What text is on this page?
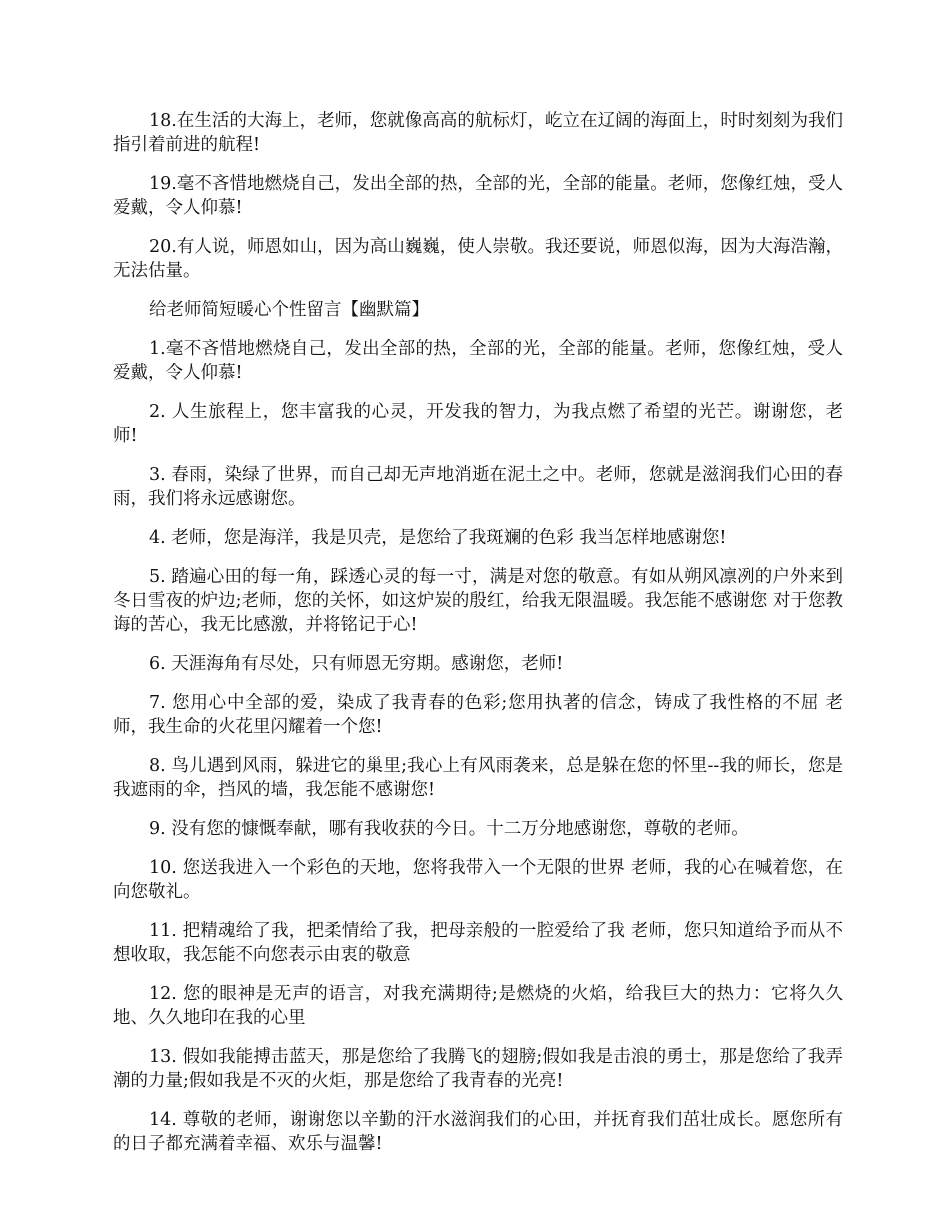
18.在生活的大海上，老师，您就像高高的航标灯，屹立在辽阔的海面上，时时刻刻为我们指引着前进的航程!

19.毫不吝惜地燃烧自己，发出全部的热，全部的光，全部的能量。老师，您像红烛，受人爱戴，令人仰慕!

20.有人说，师恩如山，因为高山巍巍，使人崇敬。我还要说，师恩似海，因为大海浩瀚，无法估量。

给老师简短暖心个性留言【幽默篇】

1.毫不吝惜地燃烧自己，发出全部的热，全部的光，全部的能量。老师，您像红烛，受人爱戴，令人仰慕!

2. 人生旅程上，您丰富我的心灵，开发我的智力，为我点燃了希望的光芒。谢谢您，老师!

3. 春雨，染绿了世界，而自己却无声地消逝在泥土之中。老师，您就是滋润我们心田的春雨，我们将永远感谢您。

4. 老师，您是海洋，我是贝壳，是您给了我斑斓的色彩 我当怎样地感谢您!

5. 踏遍心田的每一角，踩透心灵的每一寸，满是对您的敬意。有如从朔风凛冽的户外来到冬日雪夜的炉边;老师，您的关怀，如这炉炭的殷红，给我无限温暖。我怎能不感谢您 对于您教诲的苦心，我无比感激，并将铭记于心!

6. 天涯海角有尽处，只有师恩无穷期。感谢您，老师!

7. 您用心中全部的爱，染成了我青春的色彩;您用执著的信念，铸成了我性格的不屈 老师，我生命的火花里闪耀着一个您!

8. 鸟儿遇到风雨，躲进它的巢里;我心上有风雨袭来，总是躲在您的怀里--我的师长，您是我遮雨的伞，挡风的墙，我怎能不感谢您!

9. 没有您的慷慨奉献，哪有我收获的今日。十二万分地感谢您，尊敬的老师。

10. 您送我进入一个彩色的天地，您将我带入一个无限的世界 老师，我的心在喊着您，在向您敬礼。

11. 把精魂给了我，把柔情给了我，把母亲般的一腔爱给了我 老师，您只知道给予而从不想收取，我怎能不向您表示由衷的敬意

12. 您的眼神是无声的语言，对我充满期待;是燃烧的火焰，给我巨大的热力：它将久久地、久久地印在我的心里

13. 假如我能搏击蓝天，那是您给了我腾飞的翅膀;假如我是击浪的勇士，那是您给了我弄潮的力量;假如我是不灭的火炬，那是您给了我青春的光亮!

14. 尊敬的老师，谢谢您以辛勤的汗水滋润我们的心田，并抚育我们茁壮成长。愿您所有的日子都充满着幸福、欢乐与温馨!
